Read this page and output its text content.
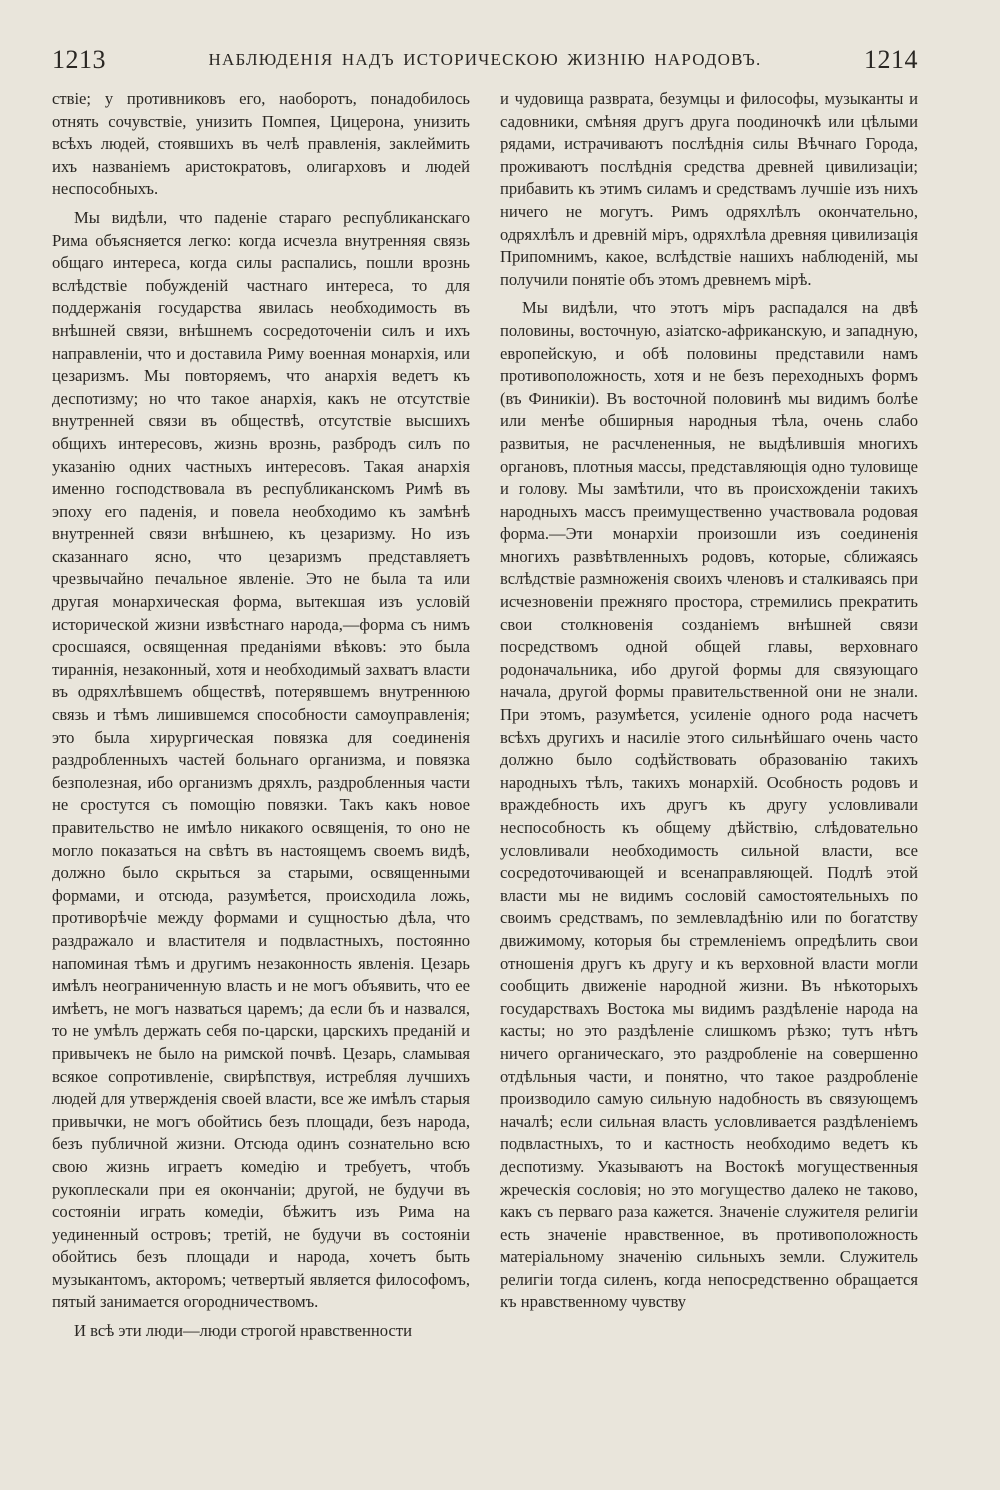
1213	НАБЛЮДЕНІЯ НАДЪ ИСТОРИЧЕСКОЮ ЖИЗНІЮ НАРОДОВЪ.	1214

ствіе; у противниковъ его, наоборотъ, понадобилось отнять сочувствіе, унизить Помпея, Цицерона, унизить всѣхъ людей, стоявшихъ въ челѣ правленія, заклеймить ихъ названіемъ аристократовъ, олигарховъ и людей неспособныхъ.

Мы видѣли, что паденіе стараго республиканскаго Рима объясняется легко: когда исчезла внутренняя связь общаго интереса, когда силы распались, пошли врознь вслѣдствіе побужденій частнаго интереса, то для поддержанія государства явилась необходимость въ внѣшней связи, внѣшнемъ сосредоточеніи силъ и ихъ направленіи, что и доставила Риму военная монархія, или цезаризмъ. Мы повторяемъ, что анархія ведетъ къ деспотизму; но что такое анархія, какъ не отсутствіе внутренней связи въ обществѣ, отсутствіе высшихъ общихъ интересовъ, жизнь врознь, разбродъ силъ по указанію одних частныхъ интересовъ. Такая анархія именно господствовала въ республиканскомъ Римѣ въ эпоху его паденія, и повела необходимо къ замѣнѣ внутренней связи внѣшнею, къ цезаризму. Но изъ сказаннаго ясно, что цезаризмъ представляетъ чрезвычайно печальное явленіе. Это не была та или другая монархическая форма, вытекшая изъ условій исторической жизни извѣстнаго народа,—форма съ нимъ сросшаяся, освященная преданіями вѣковъ: это была тираннія, незаконный, хотя и необходимый захватъ власти въ одряхлѣвшемъ обществѣ, потерявшемъ внутреннюю связь и тѣмъ лишившемся способности самоуправленія; это была хирургическая повязка для соединенія раздробленныхъ частей больнаго организма, и повязка безполезная, ибо организмъ дряхлъ, раздробленныя части не сростутся съ помощію повязки. Такъ какъ новое правительство не имѣло никакого освященія, то оно не могло показаться на свѣтъ въ настоящемъ своемъ видѣ, должно было скрыться за старыми, освященными формами, и отсюда, разумѣется, происходила ложь, противорѣчіе между формами и сущностью дѣла, что раздражало и властителя и подвластныхъ, постоянно напоминая тѣмъ и другимъ незаконность явленія. Цезарь имѣлъ неограниченную власть и не могъ объявить, что ее имѣетъ, не могъ назваться царемъ; да если бъ и назвался, то не умѣлъ держать себя по-царски, царскихъ преданій и привычекъ не было на римской почвѣ. Цезарь, сламывая всякое сопротивленіе, свирѣпствуя, истребляя лучшихъ людей для утвержденія своей власти, все же имѣлъ старыя привычки, не могъ обойтись безъ площади, безъ народа, безъ публичной жизни. Отсюда одинъ сознательно всю свою жизнь играетъ комедію и требуетъ, чтобъ рукоплескали при ея окончаніи; другой, не будучи въ состояніи играть комедіи, бѣжитъ изъ Рима на уединенный островъ; третій, не будучи въ состояніи обойтись безъ площади и народа, хочетъ быть музыкантомъ, акторомъ; четвертый является философомъ, пятый занимается огородничествомъ.

И всѣ эти люди—люди строгой нравственности

и чудовища разврата, безумцы и философы, музыканты и садовники, смѣняя другъ друга поодиночкѣ или цѣлыми рядами, истрачиваютъ послѣднія силы Вѣчнаго Города, проживаютъ послѣднія средства древней цивилизаціи; прибавить къ этимъ силамъ и средствамъ лучшіе изъ нихъ ничего не могутъ. Римъ одряхлѣлъ окончательно, одряхлѣлъ и древній міръ, одряхлѣла древняя цивилизація Припомнимъ, какое, вслѣдствіе нашихъ наблюденій, мы получили понятіе объ этомъ древнемъ мірѣ.

Мы видѣли, что этотъ міръ распадался на двѣ половины, восточную, азіатско-африканскую, и западную, европейскую, и обѣ половины представили намъ противоположность, хотя и не безъ переходныхъ формъ (въ Финикіи). Въ восточной половинѣ мы видимъ болѣе или менѣе обширныя народныя тѣла, очень слабо развитыя, не расчлененныя, не выдѣлившія многихъ органовъ, плотныя массы, представляющія одно туловище и голову. Мы замѣтили, что въ происхожденіи такихъ народныхъ массъ преимущественно участвовала родовая форма.—Эти монархіи произошли изъ соединенія многихъ развѣтвленныхъ родовъ, которые, сближаясь вслѣдствіе размноженія своихъ членовъ и сталкиваясь при исчезновеніи прежняго простора, стремились прекратить свои столкновенія созданіемъ внѣшней связи посредствомъ одной общей главы, верховнаго родоначальника, ибо другой формы для связующаго начала, другой формы правительственной они не знали. При этомъ, разумѣется, усиленіе одного рода насчетъ всѣхъ другихъ и насиліе этого сильнѣйшаго очень часто должно было содѣйствовать образованію такихъ народныхъ тѣлъ, такихъ монархій. Особность родовъ и враждебность ихъ другъ къ другу условливали неспособность къ общему дѣйствію, слѣдовательно условливали необходимость сильной власти, все сосредоточивающей и всенаправляющей. Подлѣ этой власти мы не видимъ сословій самостоятельныхъ по своимъ средствамъ, по землевладѣнію или по богатству движимому, которыя бы стремленіемъ опредѣлить свои отношенія другъ къ другу и къ верховной власти могли сообщить движеніе народной жизни. Въ нѣкоторыхъ государствахъ Востока мы видимъ раздѣленіе народа на касты; но это раздѣленіе слишкомъ рѣзко; тутъ нѣтъ ничего органическаго, это раздробленіе на совершенно отдѣльныя части, и понятно, что такое раздробленіе производило самую сильную надобность въ связующемъ началѣ; если сильная власть условливается раздѣленіемъ подвластныхъ, то и кастность необходимо ведетъ къ деспотизму. Указываютъ на Востокѣ могущественныя жреческія сословія; но это могущество далеко не таково, какъ съ перваго раза кажется. Значеніе служителя религіи есть значеніе нравственное, въ противоположность матеріальному значенію сильныхъ земли. Служитель религіи тогда силенъ, когда непосредственно обращается къ нравственному чувству
